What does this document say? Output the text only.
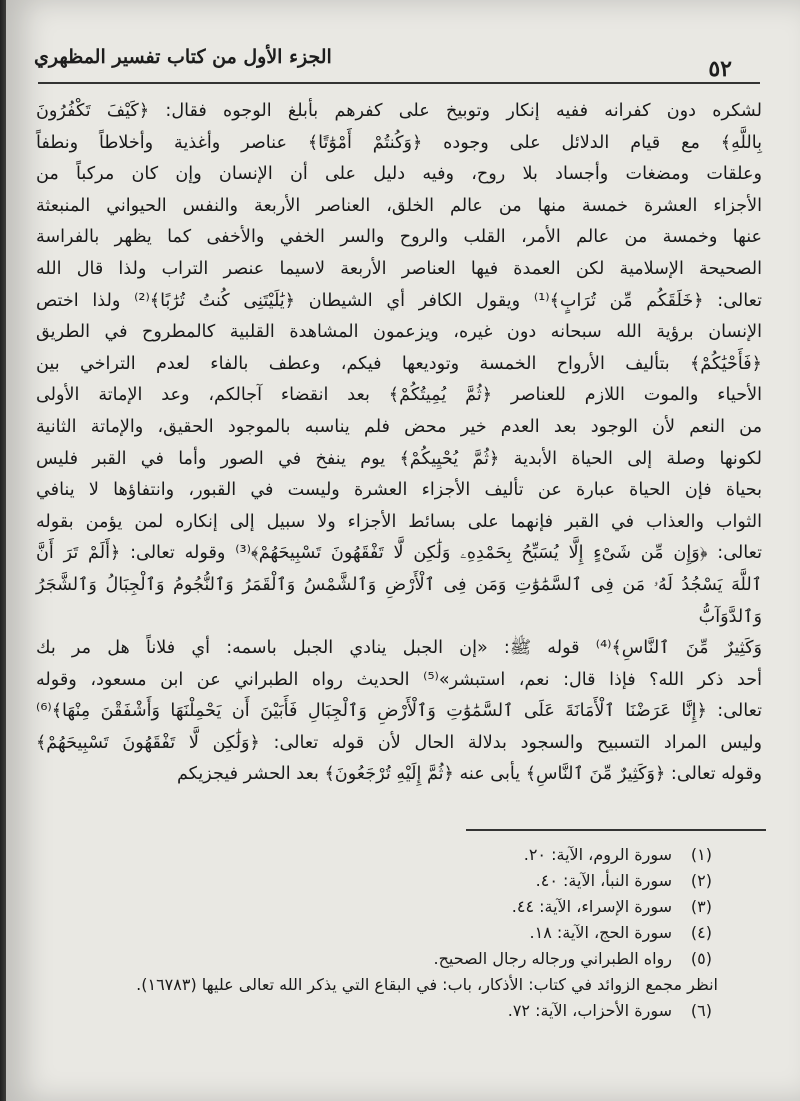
٥٢
الجزء الأول من كتاب تفسير المظهري

لشكره دون كفرانه ففيه إنكار وتوبيخ على كفرهم بأبلغ الوجوه فقال: ﴿كَيْفَ تَكْفُرُونَ

بِاللَّهِ﴾ مع قيام الدلائل على وجوده ﴿وَكُنتُمْ أَمْوَٰتًا﴾ عناصر وأغذية وأخلاطاً ونطفاً

وعلقات ومضغات وأجساد بلا روح، وفيه دليل على أن الإنسان وإن كان مركباً من

الأجزاء العشرة خمسة منها من عالم الخلق، العناصر الأربعة والنفس الحيواني المنبعثة

عنها وخمسة من عالم الأمر، القلب والروح والسر الخفي والأخفى كما يظهر بالفراسة

الصحيحة الإسلامية لكن العمدة فيها العناصر الأربعة لاسيما عنصر التراب ولذا قال الله

تعالى: ﴿خَلَقَكُم مِّن تُرَابٍ﴾⁽¹⁾ ويقول الكافر أي الشيطان ﴿يَٰلَيْتَنِى كُنتُ تُرَٰبًا﴾⁽²⁾ ولذا اختص

الإنسان برؤية الله سبحانه دون غيره، ويزعمون المشاهدة القلبية كالمطروح في الطريق

﴿فَأَحْيَٰكُمْ﴾ بتأليف الأرواح الخمسة وتوديعها فيكم، وعطف بالفاء لعدم التراخي بين

الأحياء والموت اللازم للعناصر ﴿ثُمَّ يُمِيتُكُمْ﴾ بعد انقضاء آجالكم، وعد الإماتة الأولى

من النعم لأن الوجود بعد العدم خير محض فلم يناسبه بالموجود الحقيق، والإماتة الثانية

لكونها وصلة إلى الحياة الأبدية ﴿ثُمَّ يُحْيِيكُمْ﴾ يوم ينفخ في الصور وأما في القبر فليس

بحياة فإن الحياة عبارة عن تأليف الأجزاء العشرة وليست في القبور، وانتفاؤها لا ينافي

الثواب والعذاب في القبر فإنهما على بسائط الأجزاء ولا سبيل إلى إنكاره لمن يؤمن بقوله

تعالى: ﴿وَإِن مِّن شَىْءٍ إِلَّا يُسَبِّحُ بِحَمْدِهِۦ وَلَٰكِن لَّا تَفْقَهُونَ تَسْبِيحَهُمْ﴾⁽³⁾ وقوله تعالى: ﴿أَلَمْ تَرَ أَنَّ

ٱللَّهَ يَسْجُدُ لَهُۥ مَن فِى ٱلسَّمَٰوَٰتِ وَمَن فِى ٱلْأَرْضِ وَٱلشَّمْسُ وَٱلْقَمَرُ وَٱلنُّجُومُ وَٱلْجِبَالُ وَٱلشَّجَرُ وَٱلدَّوَآبُّ

وَكَثِيرٌ مِّنَ ٱلنَّاسِ﴾⁽⁴⁾ قوله ﷺ: «إن الجبل ينادي الجبل باسمه: أي فلاناً هل مر بك

أحد ذكر الله؟ فإذا قال: نعم، استبشر»⁽⁵⁾ الحديث رواه الطبراني عن ابن مسعود، وقوله

تعالى: ﴿إِنَّا عَرَضْنَا ٱلْأَمَانَةَ عَلَى ٱلسَّمَٰوَٰتِ وَٱلْأَرْضِ وَٱلْجِبَالِ فَأَبَيْنَ أَن يَحْمِلْنَهَا وَأَشْفَقْنَ مِنْهَا﴾⁽⁶⁾

وليس المراد التسبيح والسجود بدلالة الحال لأن قوله تعالى: ﴿وَلَٰكِن لَّا تَفْقَهُونَ تَسْبِيحَهُمْ﴾

وقوله تعالى: ﴿وَكَثِيرٌ مِّنَ ٱلنَّاسِ﴾ يأبى عنه ﴿ثُمَّ إِلَيْهِ تُرْجَعُونَ﴾ بعد الحشر فيجزيكم

(١)
سورة الروم، الآية: ٢٠.
(٢)
سورة النبأ، الآية: ٤٠.
(٣)
سورة الإسراء، الآية: ٤٤.
(٤)
سورة الحج، الآية: ١٨.
(٥)
رواه الطبراني ورجاله رجال الصحيح.
انظر مجمع الزوائد في كتاب: الأذكار، باب: في البقاع التي يذكر الله تعالى عليها (١٦٧٨٣).
(٦)
سورة الأحزاب، الآية: ٧٢.
